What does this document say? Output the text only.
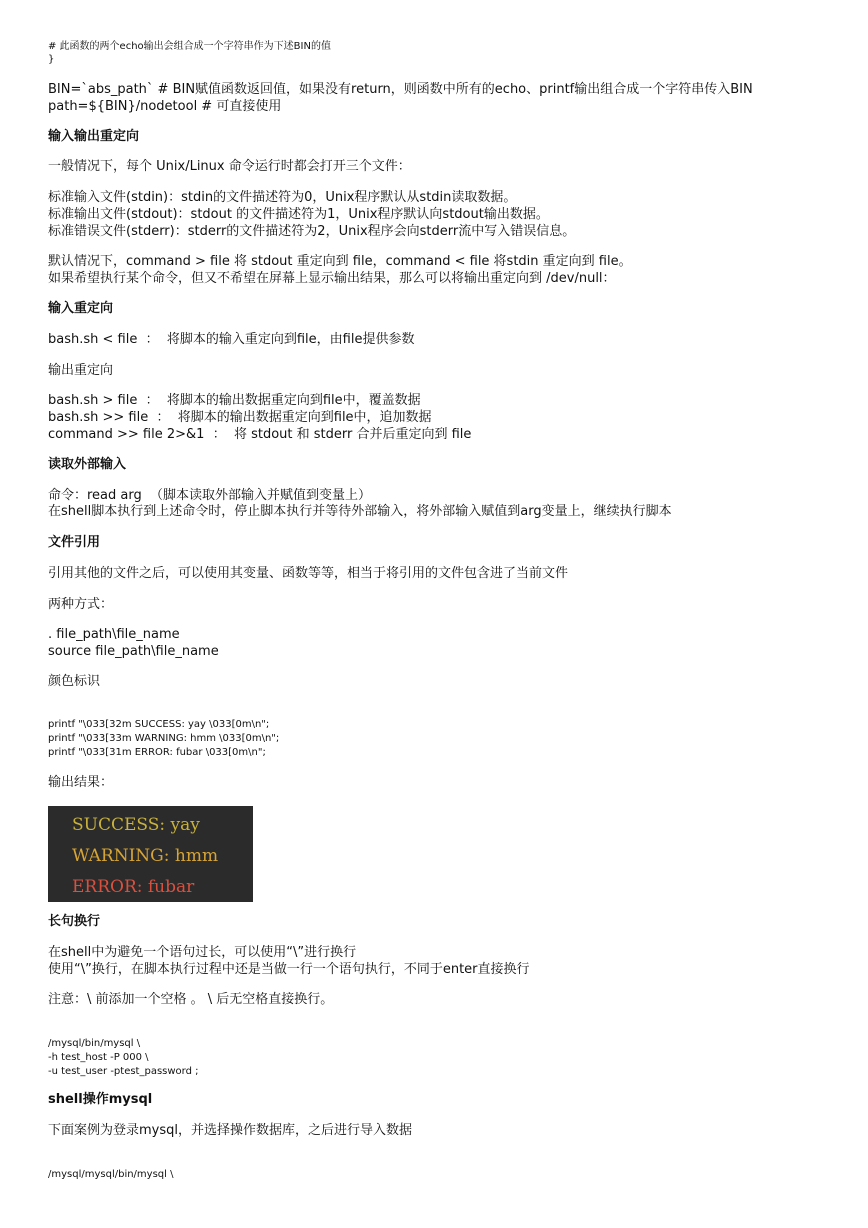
# 此函数的两个echo输出会组合成一个字符串作为下述BIN的值
}
BIN=`abs_path` # BIN赋值函数返回值，如果没有return，则函数中所有的echo、printf输出组合成一个字符串传入BIN
path=${BIN}/nodetool # 可直接使用
输入输出重定向
一般情况下，每个 Unix/Linux 命令运行时都会打开三个文件：
标准输入文件(stdin)：stdin的文件描述符为0，Unix程序默认从stdin读取数据。
标准输出文件(stdout)：stdout 的文件描述符为1，Unix程序默认向stdout输出数据。
标准错误文件(stderr)：stderr的文件描述符为2，Unix程序会向stderr流中写入错误信息。
默认情况下，command > file 将 stdout 重定向到 file，command < file 将stdin 重定向到 file。
如果希望执行某个命令，但又不希望在屏幕上显示输出结果，那么可以将输出重定向到 /dev/null：
输入重定向
bash.sh < file  ：  将脚本的输入重定向到file，由file提供参数
输出重定向
bash.sh > file  ：  将脚本的输出数据重定向到file中，覆盖数据
bash.sh >> file  ：  将脚本的输出数据重定向到file中，追加数据
command >> file 2>&1  ：  将 stdout 和 stderr 合并后重定向到 file
读取外部输入
命令：read arg  （脚本读取外部输入并赋值到变量上）
在shell脚本执行到上述命令时，停止脚本执行并等待外部输入，将外部输入赋值到arg变量上，继续执行脚本
文件引用
引用其他的文件之后，可以使用其变量、函数等等，相当于将引用的文件包含进了当前文件
两种方式：
. file_path\file_name
source file_path\file_name
颜色标识
printf "\033[32m SUCCESS: yay \033[0m\n";
printf "\033[33m WARNING: hmm \033[0m\n";
printf "\033[31m ERROR: fubar \033[0m\n";
输出结果：
SUCCESS: yay
WARNING: hmm
ERROR: fubar
长句换行
在shell中为避免一个语句过长，可以使用“\”进行换行
使用“\”换行，在脚本执行过程中还是当做一行一个语句执行，不同于enter直接换行
注意：\ 前添加一个空格 。 \ 后无空格直接换行。
/mysql/bin/mysql \
-h test_host -P 000 \
-u test_user -ptest_password ;
shell操作mysql
下面案例为登录mysql，并选择操作数据库，之后进行导入数据
/mysql/mysql/bin/mysql \
